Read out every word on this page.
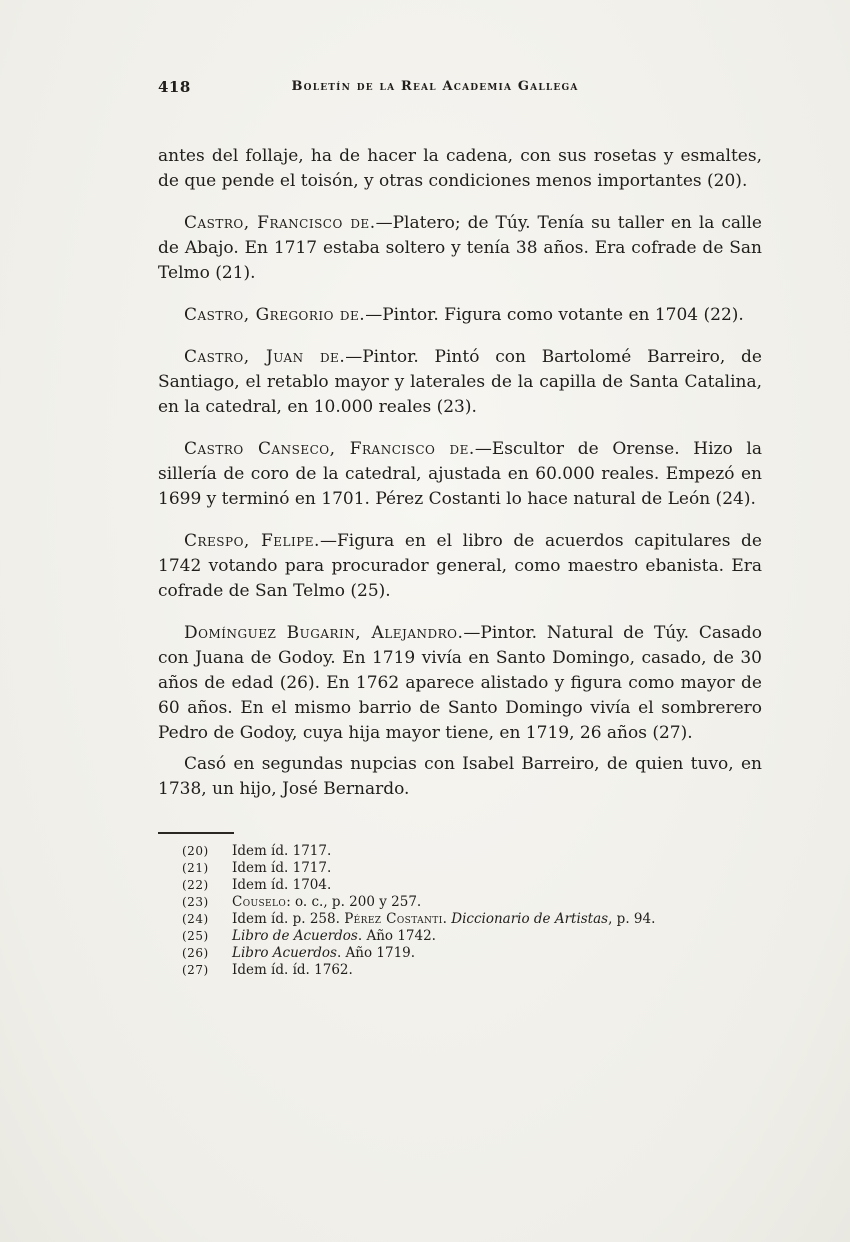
418	Boletín de la Real Academia Gallega

antes del follaje, ha de hacer la cadena, con sus rosetas y esmaltes, de que pende el toisón, y otras condiciones menos importantes (20).

Castro, Francisco de.—Platero; de Túy. Tenía su taller en la calle de Abajo. En 1717 estaba soltero y tenía 38 años. Era cofrade de San Telmo (21).

Castro, Gregorio de.—Pintor. Figura como votante en 1704 (22).

Castro, Juan de.—Pintor. Pintó con Bartolomé Barreiro, de Santiago, el retablo mayor y laterales de la capilla de Santa Catalina, en la catedral, en 10.000 reales (23).

Castro Canseco, Francisco de.—Escultor de Orense. Hizo la sillería de coro de la catedral, ajustada en 60.000 reales. Empezó en 1699 y terminó en 1701. Pérez Costanti lo hace natural de León (24).

Crespo, Felipe.—Figura en el libro de acuerdos capitulares de 1742 votando para procurador general, como maestro ebanista. Era cofrade de San Telmo (25).

Domínguez Bugarin, Alejandro.—Pintor. Natural de Túy. Casado con Juana de Godoy. En 1719 vivía en Santo Domingo, casado, de 30 años de edad (26). En 1762 aparece alistado y figura como mayor de 60 años. En el mismo barrio de Santo Domingo vivía el sombrerero Pedro de Godoy, cuya hija mayor tiene, en 1719, 26 años (27).

Casó en segundas nupcias con Isabel Barreiro, de quien tuvo, en 1738, un hijo, José Bernardo.

(20)	Idem íd. 1717.
(21)	Idem íd. 1717.
(22)	Idem íd. 1704.
(23)	Couselo: o. c., p. 200 y 257.
(24)	Idem íd. p. 258. Pérez Costanti. Diccionario de Artistas, p. 94.
(25)	Libro de Acuerdos. Año 1742.
(26)	Libro Acuerdos. Año 1719.
(27)	Idem íd. íd. 1762.
